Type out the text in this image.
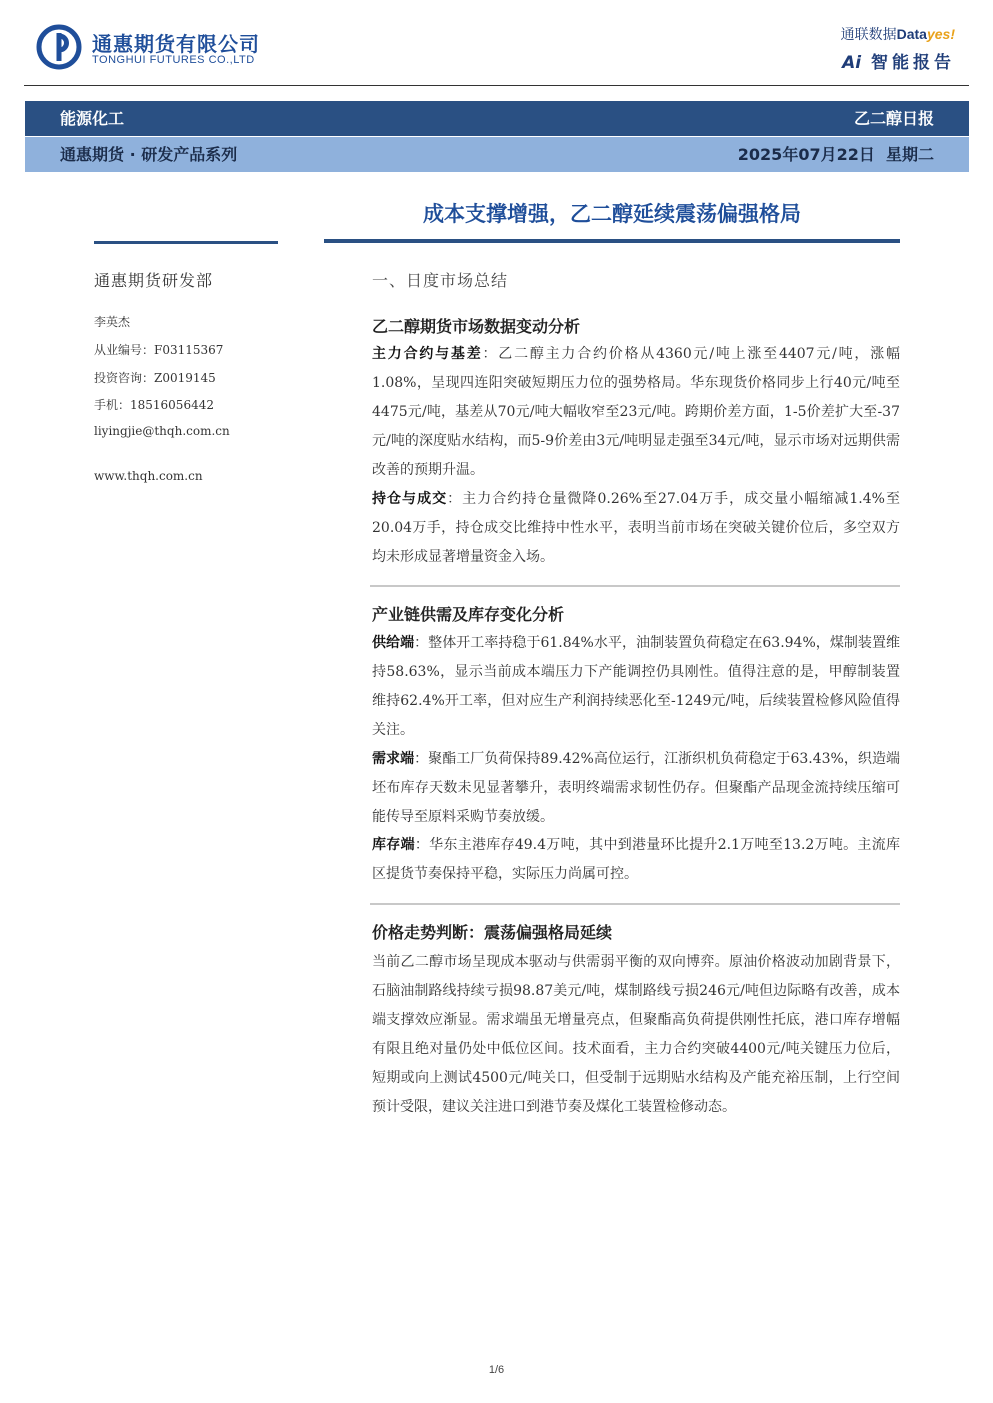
通惠期货有限公司
TONGHUI FUTURES CO.,LTD
通联数据Datayes!
Ai 智能报告
能源化工	乙二醇日报
通惠期货 · 研发产品系列	2025年07月22日  星期二
成本支撑增强，乙二醇延续震荡偏强格局
通惠期货研发部
李英杰
从业编号：F03115367
投资咨询：Z0019145
手机：18516056442
liyingjie@thqh.com.cn
www.thqh.com.cn
一、日度市场总结
乙二醇期货市场数据变动分析

主力合约与基差：乙二醇主力合约价格从4360元/吨上涨至4407元/吨，涨幅1.08%，呈现四连阳突破短期压力位的强势格局。华东现货价格同步上行40元/吨至4475元/吨，基差从70元/吨大幅收窄至23元/吨。跨期价差方面，1-5价差扩大至-37元/吨的深度贴水结构，而5-9价差由3元/吨明显走强至34元/吨，显示市场对远期供需改善的预期升温。

持仓与成交：主力合约持仓量微降0.26%至27.04万手，成交量小幅缩减1.4%至20.04万手，持仓成交比维持中性水平，表明当前市场在突破关键价位后，多空双方均未形成显著增量资金入场。

产业链供需及库存变化分析

供给端：整体开工率持稳于61.84%水平，油制装置负荷稳定在63.94%，煤制装置维持58.63%，显示当前成本端压力下产能调控仍具刚性。值得注意的是，甲醇制装置维持62.4%开工率，但对应生产利润持续恶化至-1249元/吨，后续装置检修风险值得关注。

需求端：聚酯工厂负荷保持89.42%高位运行，江浙织机负荷稳定于63.43%，织造端坯布库存天数未见显著攀升，表明终端需求韧性仍存。但聚酯产品现金流持续压缩可能传导至原料采购节奏放缓。

库存端：华东主港库存49.4万吨，其中到港量环比提升2.1万吨至13.2万吨。主流库区提货节奏保持平稳，实际压力尚属可控。

价格走势判断：震荡偏强格局延续

当前乙二醇市场呈现成本驱动与供需弱平衡的双向博弈。原油价格波动加剧背景下，石脑油制路线持续亏损98.87美元/吨，煤制路线亏损246元/吨但边际略有改善，成本端支撑效应渐显。需求端虽无增量亮点，但聚酯高负荷提供刚性托底，港口库存增幅有限且绝对量仍处中低位区间。技术面看，主力合约突破4400元/吨关键压力位后，短期或向上测试4500元/吨关口，但受制于远期贴水结构及产能充裕压制，上行空间预计受限，建议关注进口到港节奏及煤化工装置检修动态。

1/6
